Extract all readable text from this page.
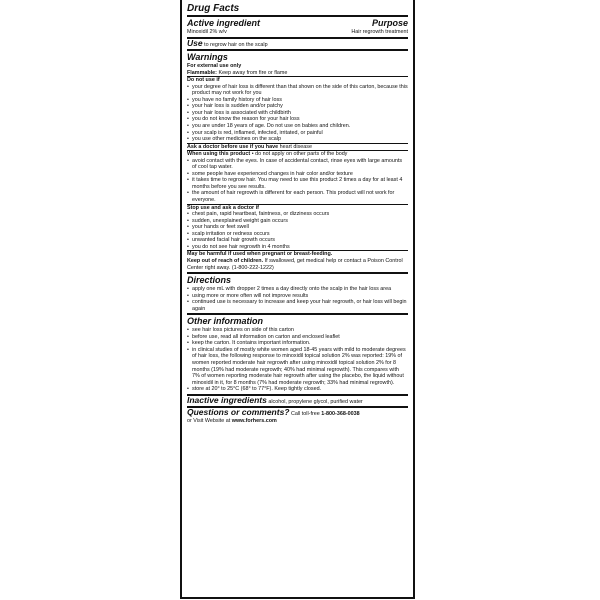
Drug Facts
Active ingredient	Purpose
Minoxidil 2% w/v	Hair regrowth treatment
Use to regrow hair on the scalp
Warnings
For external use only
Flammable: Keep away from fire or flame
Do not use if
• your degree of hair loss is different than that shown on the side of this carton, because this product may not work for you
• you have no family history of hair loss
• your hair loss is sudden and/or patchy
• your hair loss is associated with childbirth
• you do not know the reason for your hair loss
• you are under 18 years of age. Do not use on babies and children.
• your scalp is red, inflamed, infected, irritated, or painful
• you use other medicines on the scalp
Ask a doctor before use if you have heart disease
When using this product • do not apply on other parts of the body
• avoid contact with the eyes. In case of accidental contact, rinse eyes with large amounts of cool tap water.
• some people have experienced changes in hair color and/or texture
• it takes time to regrow hair. You may need to use this product 2 times a day for at least 4 months before you see results.
• the amount of hair regrowth is different for each person. This product will not work for everyone.
Stop use and ask a doctor if
• chest pain, rapid heartbeat, faintness, or dizziness occurs
• sudden, unexplained weight gain occurs
• your hands or feet swell
• scalp irritation or redness occurs
• unwanted facial hair growth occurs
• you do not see hair regrowth in 4 months
May be harmful if used when pregnant or breast-feeding.
Keep out of reach of children. If swallowed, get medical help or contact a Poison Control Center right away. (1-800-222-1222)
Directions
• apply one mL with dropper 2 times a day directly onto the scalp in the hair loss area
• using more or more often will not improve results
• continued use is necessary to increase and keep your hair regrowth, or hair loss will begin again
Other information
• see hair loss pictures on side of this carton
• before use, read all information on carton and enclosed leaflet
• keep the carton. It contains important information.
• in clinical studies of mostly white women aged 18-45 years with mild to moderate degrees of hair loss, the following response to minoxidil topical solution 2% was reported: 19% of women reported moderate hair regrowth after using minoxidil topical solution 2% for 8 months (19% had moderate regrowth; 40% had minimal regrowth). This compares with 7% of women reporting moderate hair regrowth after using the placebo, the liquid without minoxidil in it, for 8 months (7% had moderate regrowth; 33% had minimal regrowth).
• store at 20° to 25°C (68° to 77°F). Keep tightly closed.
Inactive ingredients alcohol, propylene glycol, purified water
Questions or comments? Call toll-free 1-800-368-0038
or Visit Website at www.forhers.com
